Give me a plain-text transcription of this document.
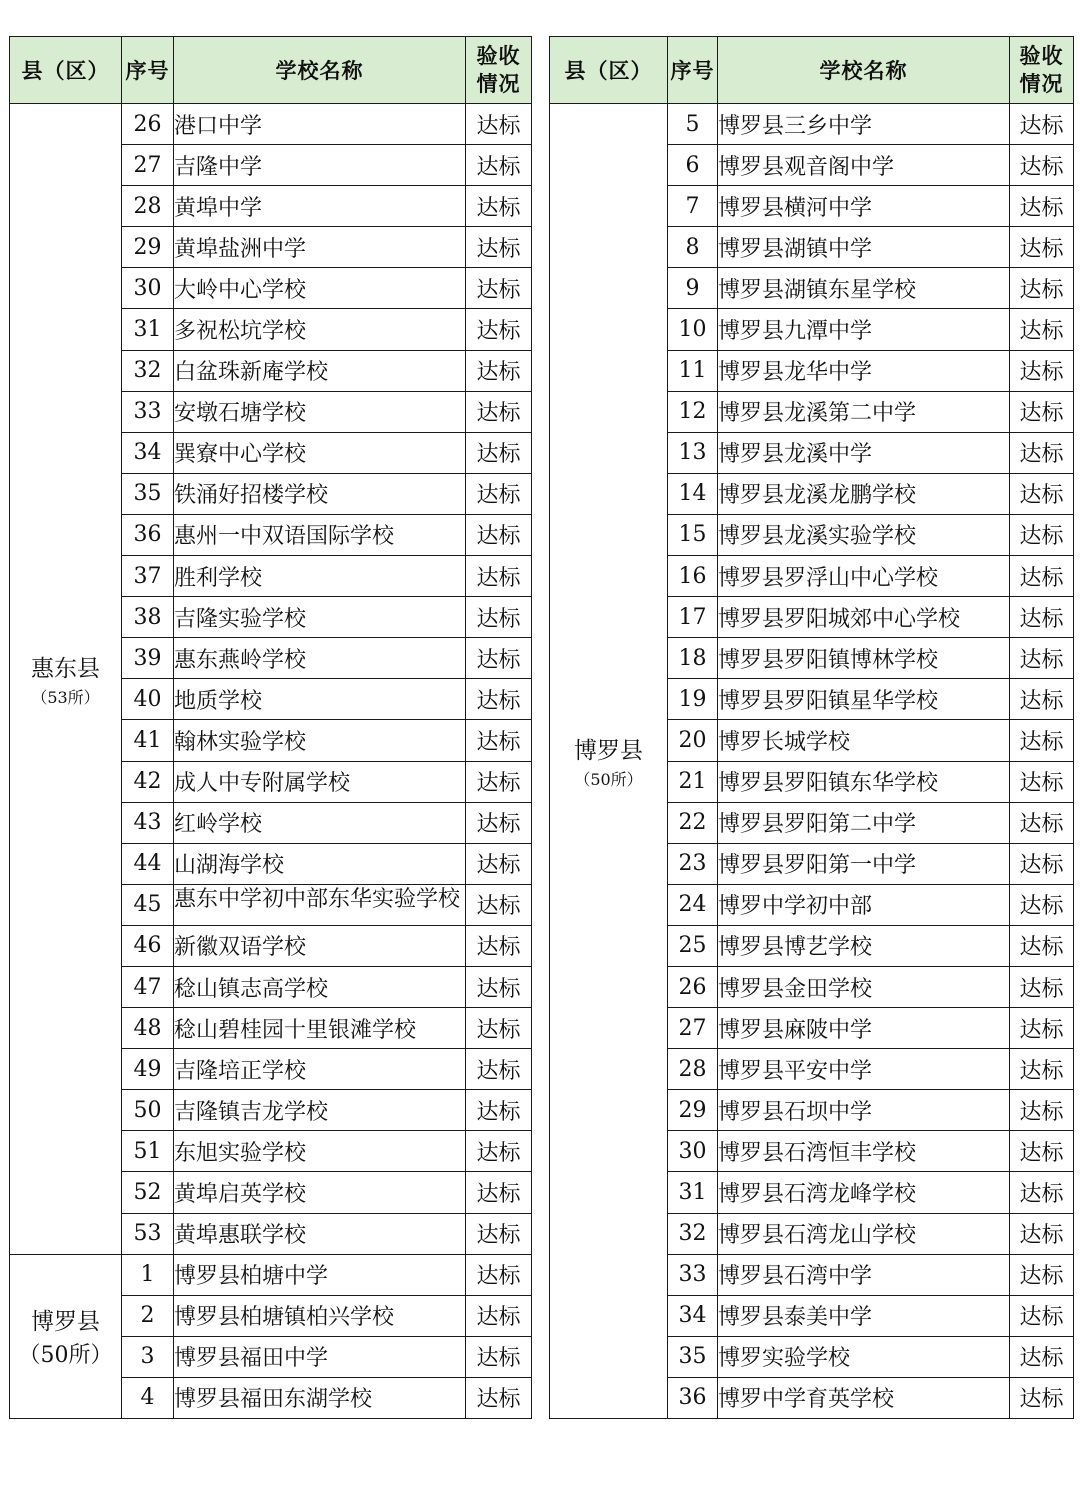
县（区）	序号	学校名称	验收
情况

惠东县
（53所）	26	港口中学	达标
	27	吉隆中学	达标
	28	黄埠中学	达标
	29	黄埠盐洲中学	达标
	30	大岭中心学校	达标
	31	多祝松坑学校	达标
	32	白盆珠新庵学校	达标
	33	安墩石塘学校	达标
	34	巽寮中心学校	达标
	35	铁涌好招楼学校	达标
	36	惠州一中双语国际学校	达标
	37	胜利学校	达标
	38	吉隆实验学校	达标
	39	惠东燕岭学校	达标
	40	地质学校	达标
	41	翰林实验学校	达标
	42	成人中专附属学校	达标
	43	红岭学校	达标
	44	山湖海学校	达标
	45	惠东中学初中部东华实验学校	达标
	46	新徽双语学校	达标
	47	稔山镇志高学校	达标
	48	稔山碧桂园十里银滩学校	达标
	49	吉隆培正学校	达标
	50	吉隆镇吉龙学校	达标
	51	东旭实验学校	达标
	52	黄埠启英学校	达标
	53	黄埠惠联学校	达标

博罗县
（50所）	1	博罗县柏塘中学	达标
	2	博罗县柏塘镇柏兴学校	达标
	3	博罗县福田中学	达标
	4	博罗县福田东湖学校	达标
县（区）	序号	学校名称	验收
情况

博罗县
（50所）	5	博罗县三乡中学	达标
	6	博罗县观音阁中学	达标
	7	博罗县横河中学	达标
	8	博罗县湖镇中学	达标
	9	博罗县湖镇东星学校	达标
	10	博罗县九潭中学	达标
	11	博罗县龙华中学	达标
	12	博罗县龙溪第二中学	达标
	13	博罗县龙溪中学	达标
	14	博罗县龙溪龙鹏学校	达标
	15	博罗县龙溪实验学校	达标
	16	博罗县罗浮山中心学校	达标
	17	博罗县罗阳城郊中心学校	达标
	18	博罗县罗阳镇博林学校	达标
	19	博罗县罗阳镇星华学校	达标
	20	博罗长城学校	达标
	21	博罗县罗阳镇东华学校	达标
	22	博罗县罗阳第二中学	达标
	23	博罗县罗阳第一中学	达标
	24	博罗中学初中部	达标
	25	博罗县博艺学校	达标
	26	博罗县金田学校	达标
	27	博罗县麻陂中学	达标
	28	博罗县平安中学	达标
	29	博罗县石坝中学	达标
	30	博罗县石湾恒丰学校	达标
	31	博罗县石湾龙峰学校	达标
	32	博罗县石湾龙山学校	达标
	33	博罗县石湾中学	达标
	34	博罗县泰美中学	达标
	35	博罗实验学校	达标
	36	博罗中学育英学校	达标
